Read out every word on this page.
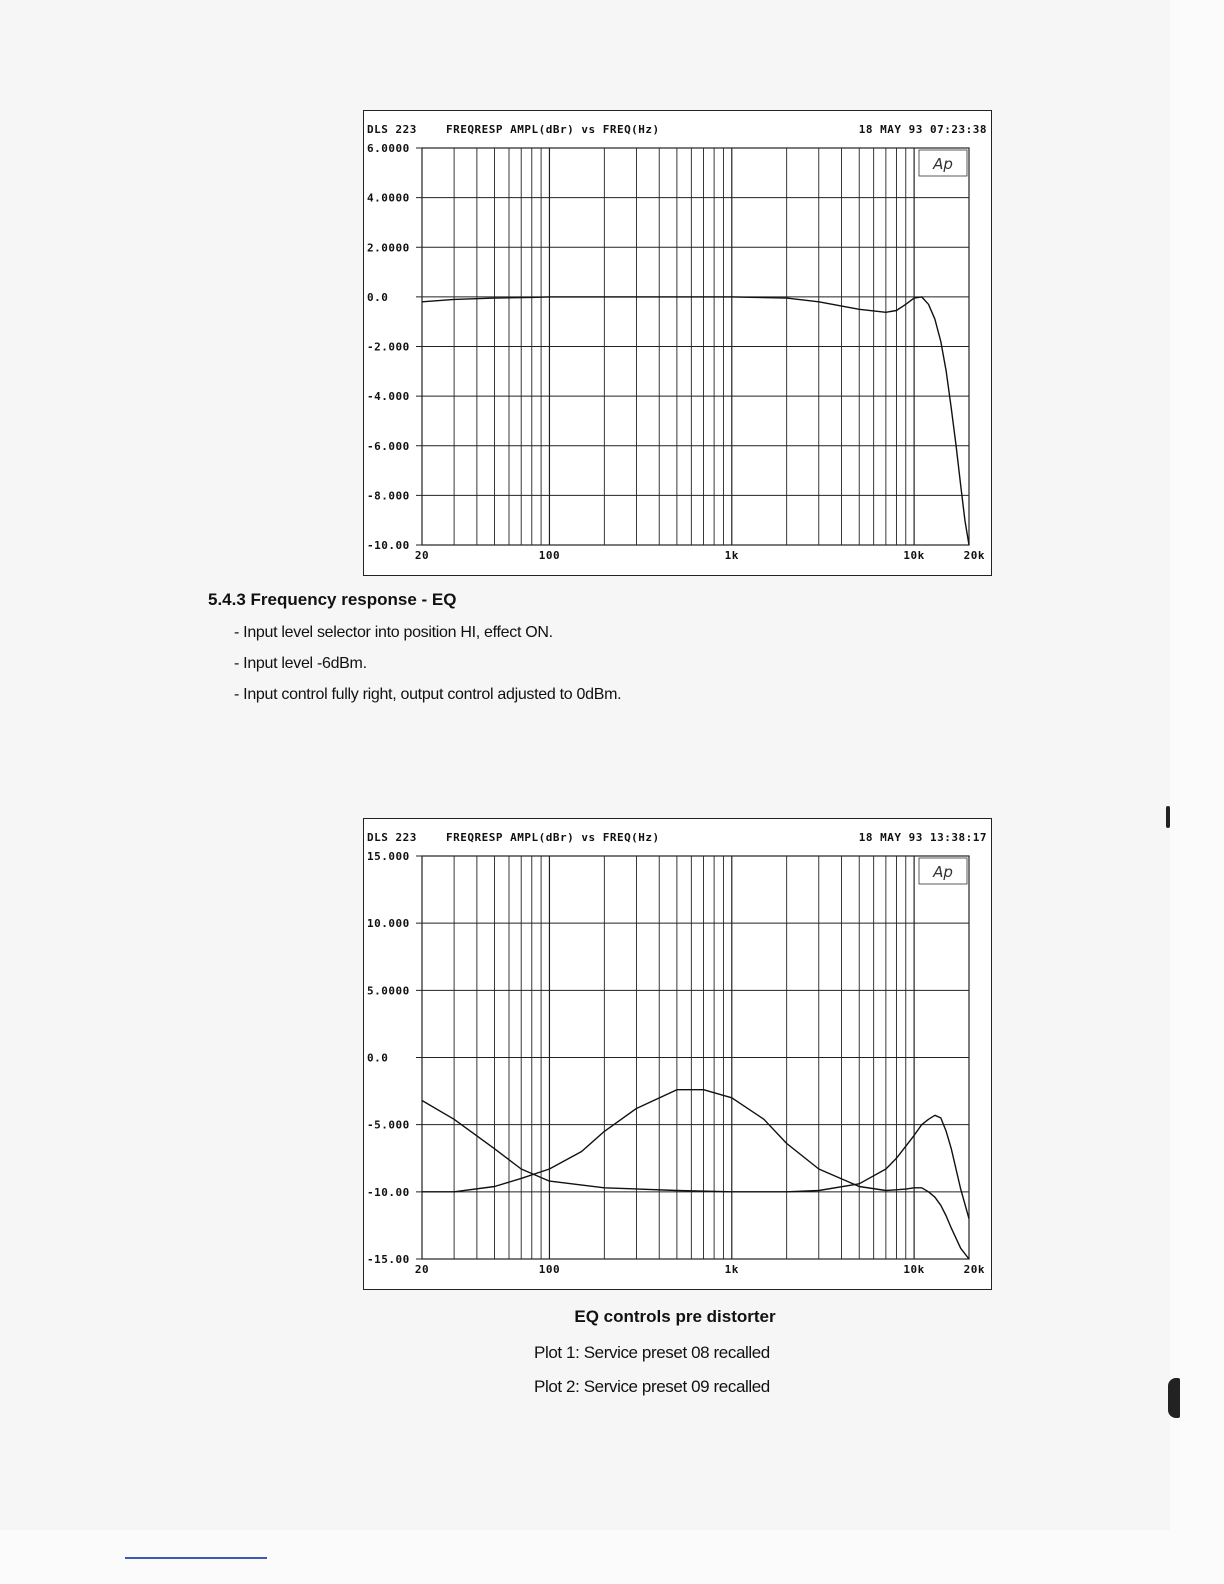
DLS 223	FREQRESP AMPL(dBr) vs FREQ(Hz)	18 MAY 93 07:23:38
6.0000
4.0000
2.0000
0.0
-2.000
-4.000
-6.000
-8.000
-10.00
20	100	1k	10k	20k
Ap
5.4.3 Frequency response - EQ
- Input level selector into position HI, effect ON.
- Input level -6dBm.
- Input control fully right, output control adjusted to 0dBm.
DLS 223	FREQRESP AMPL(dBr) vs FREQ(Hz)	18 MAY 93 13:38:17
15.000
10.000
5.0000
0.0
-5.000
-10.00
-15.00
20	100	1k	10k	20k
Ap
EQ controls pre distorter
Plot 1: Service preset 08 recalled
Plot 2: Service preset 09 recalled
